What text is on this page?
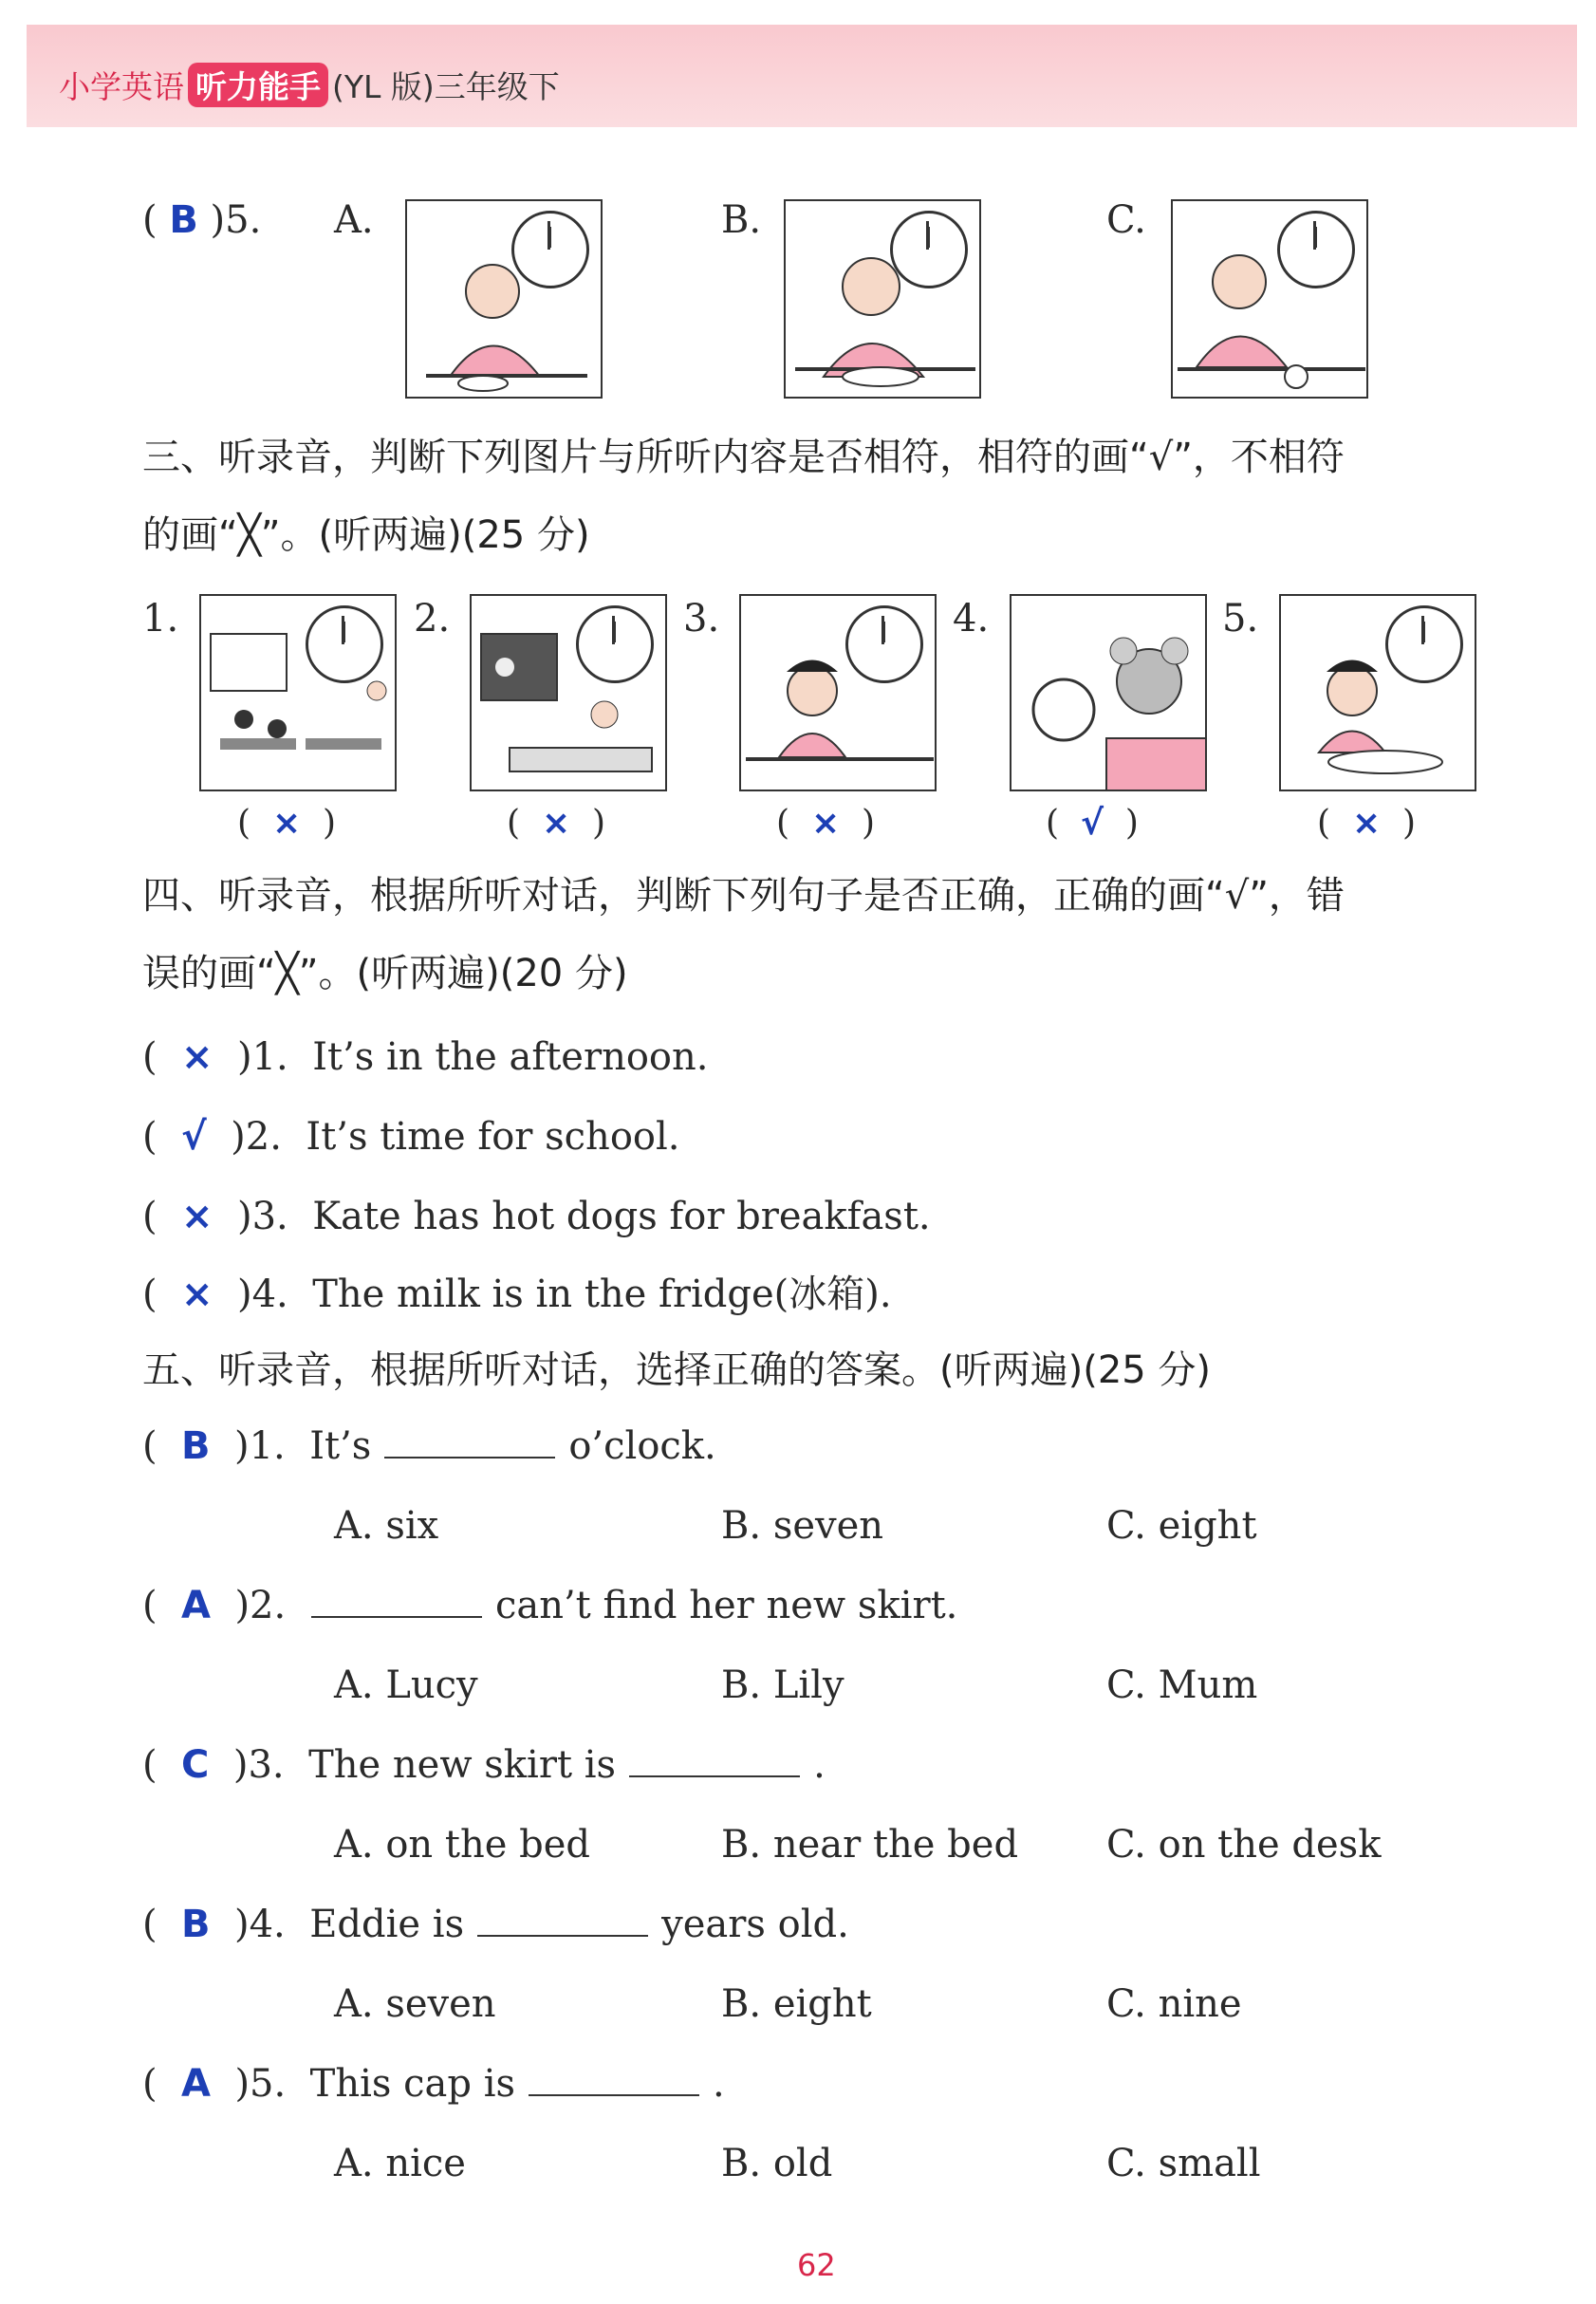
小学英语 听力能手 (YL 版)三年级下
( B )5. A.	B.	C.
三、听录音，判断下列图片与所听内容是否相符，相符的画“√”，不相符
的画“╳”。(听两遍)(25 分)
1.	2.	3.	4.	5.
(  ×  )	(  ×  )	(  ×  )	(  √  )	(  ×  )
四、听录音，根据所听对话，判断下列句子是否正确，正确的画“√”，错
误的画“╳”。(听两遍)(20 分)
(  × )1. It’s in the afternoon.
(  √ )2. It’s time for school.
(  × )3. Kate has hot dogs for breakfast.
(  × )4. The milk is in the fridge(冰箱).
五、听录音，根据所听对话，选择正确的答案。(听两遍)(25 分)
(  B )1. It’s	o’clock.
A. six	B. seven	C. eight
(  A )2.	can’t find her new skirt.
A. Lucy	B. Lily	C. Mum
(  C )3. The new skirt is	.
A. on the bed	B. near the bed C. on the desk
(  B )4. Eddie is	years old.
A. seven	B. eight	C. nine
(  A )5. This cap is	.
A. nice	B. old	C. small
62
